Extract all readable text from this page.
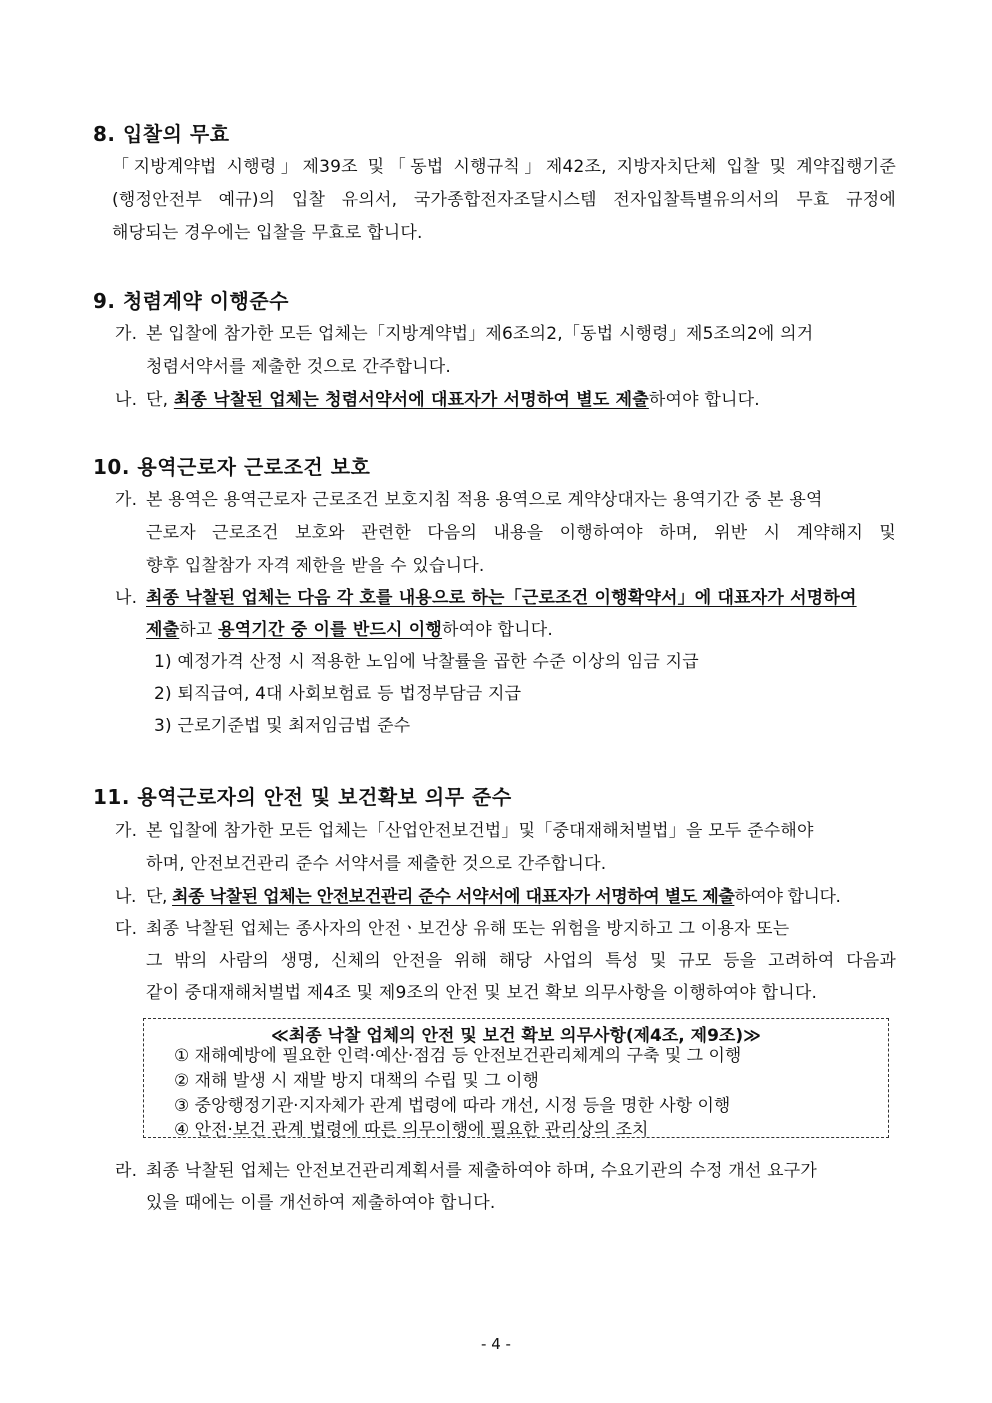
8. 입찰의 무효
「지방계약법 시행령」제39조 및「동법 시행규칙」제42조, 지방자치단체 입찰 및 계약집행기준
(행정안전부 예규)의 입찰 유의서, 국가종합전자조달시스템 전자입찰특별유의서의 무효 규정에
해당되는 경우에는 입찰을 무효로 합니다.
9. 청렴계약 이행준수
가. 본 입찰에 참가한 모든 업체는「지방계약법」제6조의2,「동법 시행령」제5조의2에 의거
청렴서약서를 제출한 것으로 간주합니다.
나. 단, 최종 낙찰된 업체는 청렴서약서에 대표자가 서명하여 별도 제출하여야 합니다.
10. 용역근로자 근로조건 보호
가. 본 용역은 용역근로자 근로조건 보호지침 적용 용역으로 계약상대자는 용역기간 중 본 용역
근로자 근로조건 보호와 관련한 다음의 내용을 이행하여야 하며, 위반 시 계약해지 및
향후 입찰참가 자격 제한을 받을 수 있습니다.
나. 최종 낙찰된 업체는 다음 각 호를 내용으로 하는「근로조건 이행확약서」에 대표자가 서명하여
제출하고 용역기간 중 이를 반드시 이행하여야 합니다.
1) 예정가격 산정 시 적용한 노임에 낙찰률을 곱한 수준 이상의 임금 지급
2) 퇴직급여, 4대 사회보험료 등 법정부담금 지급
3) 근로기준법 및 최저임금법 준수
11. 용역근로자의 안전 및 보건확보 의무 준수
가. 본 입찰에 참가한 모든 업체는「산업안전보건법」및「중대재해처벌법」을 모두 준수해야
하며, 안전보건관리 준수 서약서를 제출한 것으로 간주합니다.
나. 단, 최종 낙찰된 업체는 안전보건관리 준수 서약서에 대표자가 서명하여 별도 제출하여야 합니다.
다. 최종 낙찰된 업체는 종사자의 안전ㆍ보건상 유해 또는 위험을 방지하고 그 이용자 또는
그 밖의 사람의 생명, 신체의 안전을 위해 해당 사업의 특성 및 규모 등을 고려하여 다음과
같이 중대재해처벌법 제4조 및 제9조의 안전 및 보건 확보 의무사항을 이행하여야 합니다.
≪최종 낙찰 업체의 안전 및 보건 확보 의무사항(제4조, 제9조)≫
① 재해예방에 필요한 인력·예산·점검 등 안전보건관리체계의 구축 및 그 이행
② 재해 발생 시 재발 방지 대책의 수립 및 그 이행
③ 중앙행정기관·지자체가 관계 법령에 따라 개선, 시정 등을 명한 사항 이행
④ 안전·보건 관계 법령에 따른 의무이행에 필요한 관리상의 조치
라. 최종 낙찰된 업체는 안전보건관리계획서를 제출하여야 하며, 수요기관의 수정 개선 요구가
있을 때에는 이를 개선하여 제출하여야 합니다.
- 4 -
